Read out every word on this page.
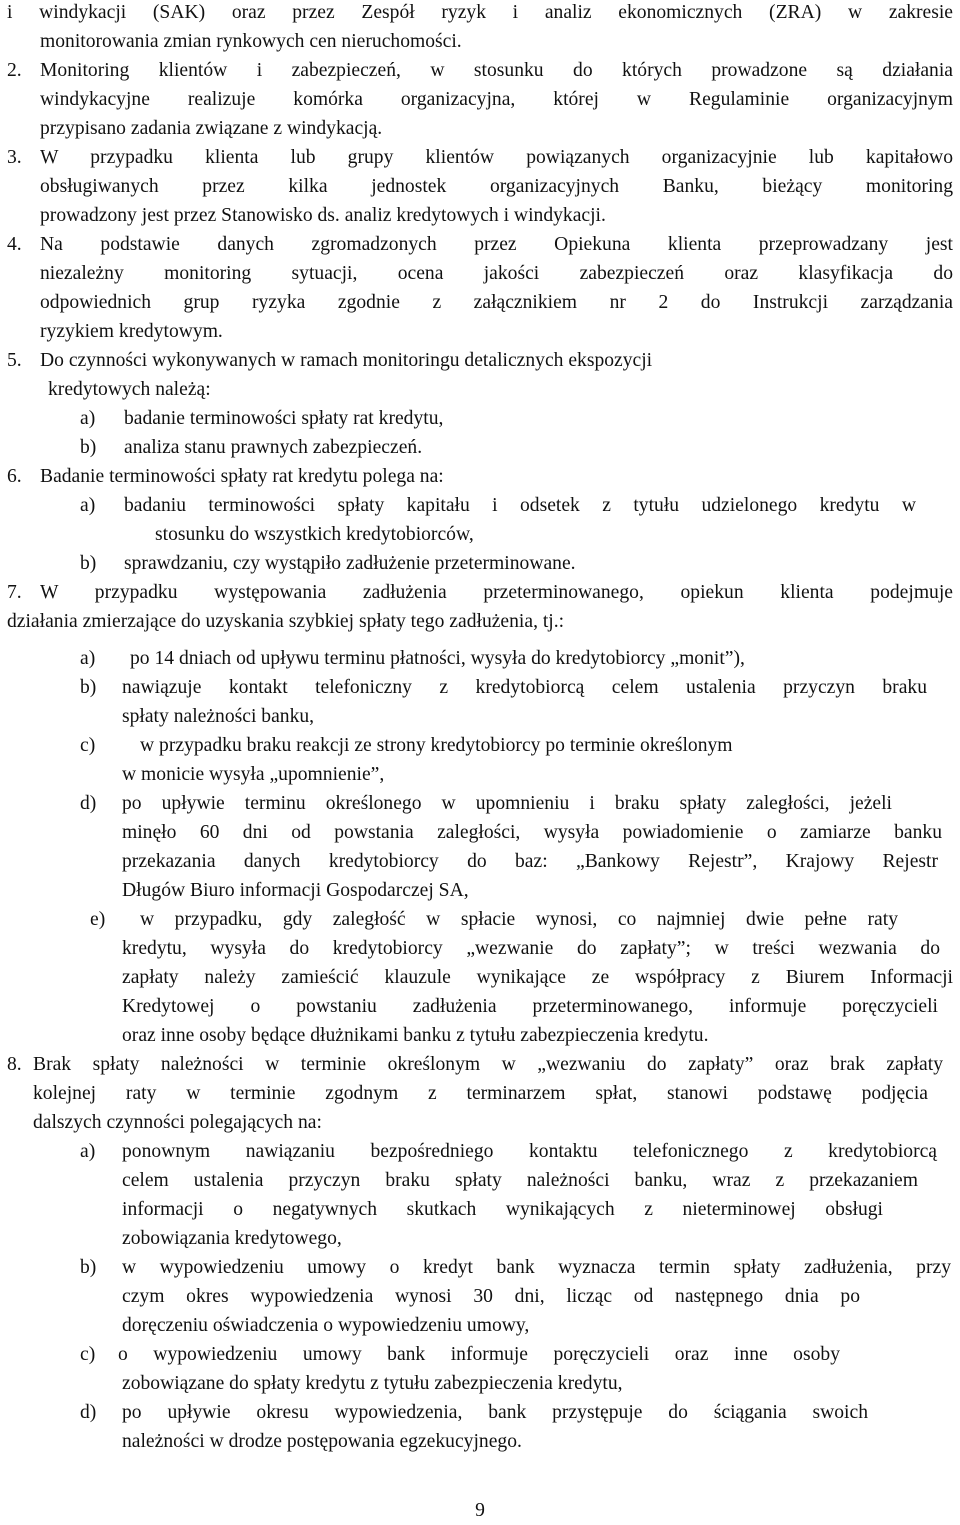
i windykacji (SAK) oraz przez Zespół ryzyk i analiz ekonomicznych (ZRA) w zakresie
monitorowania zmian rynkowych cen nieruchomości.
2. Monitoring klientów i zabezpieczeń, w stosunku do których prowadzone są działania
windykacyjne realizuje komórka organizacyjna, której w Regulaminie organizacyjnym
przypisano zadania związane z windykacją.
3. W przypadku klienta lub grupy klientów powiązanych organizacyjnie lub kapitałowo
obsługiwanych przez kilka jednostek organizacyjnych Banku, bieżący monitoring
prowadzony jest przez Stanowisko ds. analiz kredytowych i windykacji.
4. Na podstawie danych zgromadzonych przez Opiekuna klienta przeprowadzany jest
niezależny monitoring sytuacji, ocena jakości zabezpieczeń oraz klasyfikacja do
odpowiednich grup ryzyka zgodnie z załącznikiem nr 2 do Instrukcji zarządzania
ryzykiem kredytowym.
5. Do czynności wykonywanych w ramach monitoringu detalicznych ekspozycji
kredytowych należą:
a) badanie terminowości spłaty rat kredytu,
b) analiza stanu prawnych zabezpieczeń.
6. Badanie terminowości spłaty rat kredytu polega na:
a) badaniu terminowości spłaty kapitału i odsetek z tytułu udzielonego kredytu w
stosunku do wszystkich kredytobiorców,
b) sprawdzaniu, czy wystąpiło zadłużenie przeterminowane.
7. W przypadku występowania zadłużenia przeterminowanego, opiekun klienta podejmuje
działania zmierzające do uzyskania szybkiej spłaty tego zadłużenia, tj.:
a) po 14 dniach od upływu terminu płatności, wysyła do kredytobiorcy „monit”),
b) nawiązuje kontakt telefoniczny z kredytobiorcą celem ustalenia przyczyn braku
spłaty należności banku,
c) w przypadku braku reakcji ze strony kredytobiorcy po terminie określonym
w monicie wysyła „upomnienie”,
d) po upływie terminu określonego w upomnieniu i braku spłaty zaległości, jeżeli
minęło 60 dni od powstania zaległości, wysyła powiadomienie o zamiarze banku
przekazania danych kredytobiorcy do baz: „Bankowy Rejestr”, Krajowy Rejestr
Długów Biuro informacji Gospodarczej SA,
e) w przypadku, gdy zaległość w spłacie wynosi, co najmniej dwie pełne raty
kredytu, wysyła do kredytobiorcy „wezwanie do zapłaty”; w treści wezwania do
zapłaty należy zamieścić klauzule wynikające ze współpracy z Biurem Informacji
Kredytowej o powstaniu zadłużenia przeterminowanego, informuje poręczycieli
oraz inne osoby będące dłużnikami banku z tytułu zabezpieczenia kredytu.
8. Brak spłaty należności w terminie określonym w „wezwaniu do zapłaty” oraz brak zapłaty
kolejnej raty w terminie zgodnym z terminarzem spłat, stanowi podstawę podjęcia
dalszych czynności polegających na:
a) ponownym nawiązaniu bezpośredniego kontaktu telefonicznego z kredytobiorcą
celem ustalenia przyczyn braku spłaty należności banku, wraz z przekazaniem
informacji o negatywnych skutkach wynikających z nieterminowej obsługi
zobowiązania kredytowego,
b) w wypowiedzeniu umowy o kredyt bank wyznacza termin spłaty zadłużenia, przy
czym okres wypowiedzenia wynosi 30 dni, licząc od następnego dnia po
doręczeniu oświadczenia o wypowiedzeniu umowy,
c) o wypowiedzeniu umowy bank informuje poręczycieli oraz inne osoby
zobowiązane do spłaty kredytu z tytułu zabezpieczenia kredytu,
d) po upływie okresu wypowiedzenia, bank przystępuje do ściągania swoich
należności w drodze postępowania egzekucyjnego.
9
